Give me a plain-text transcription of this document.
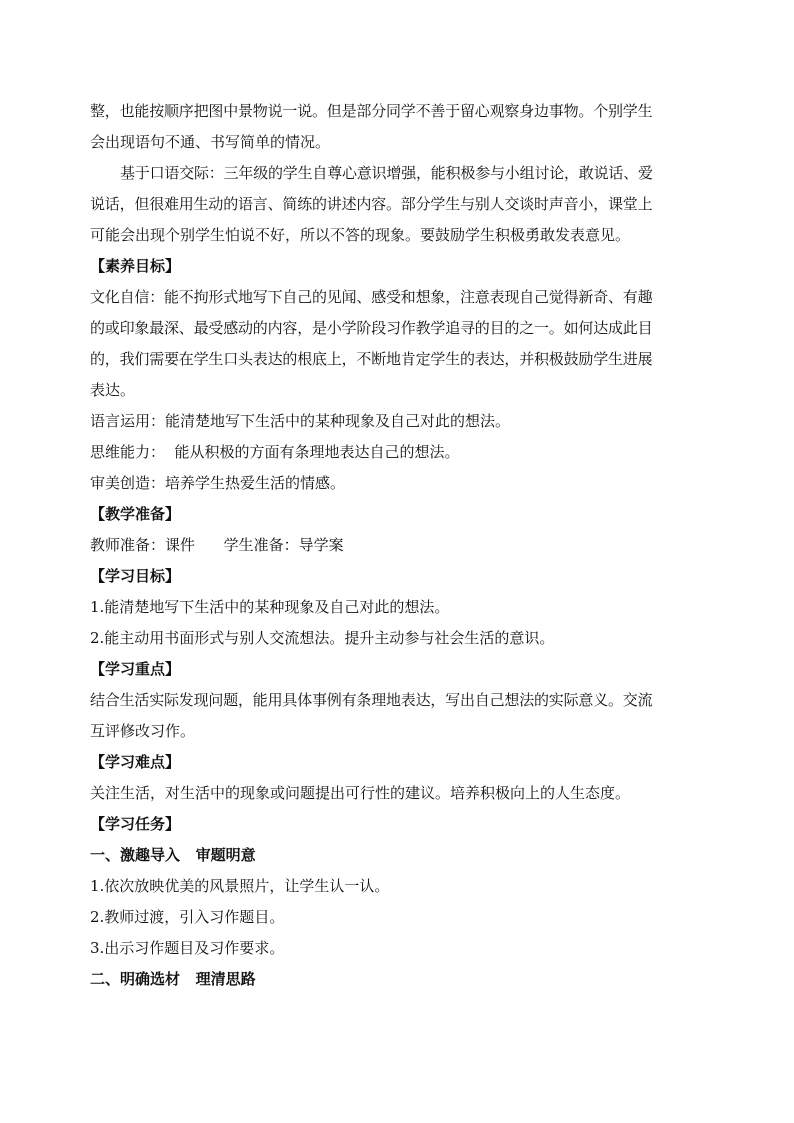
整，也能按顺序把图中景物说一说。但是部分同学不善于留心观察身边事物。个别学生
会出现语句不通、书写简单的情况。
基于口语交际：三年级的学生自尊心意识增强，能积极参与小组讨论，敢说话、爱
说话，但很难用生动的语言、简练的讲述内容。部分学生与别人交谈时声音小，课堂上
可能会出现个别学生怕说不好，所以不答的现象。要鼓励学生积极勇敢发表意见。
【素养目标】
文化自信：能不拘形式地写下自己的见闻、感受和想象，注意表现自己觉得新奇、有趣
的或印象最深、最受感动的内容，是小学阶段习作教学追寻的目的之一。如何达成此目
的，我们需要在学生口头表达的根底上，不断地肯定学生的表达，并积极鼓励学生进展
表达。
语言运用：能清楚地写下生活中的某种现象及自己对此的想法。
思维能力：  能从积极的方面有条理地表达自己的想法。
审美创造：培养学生热爱生活的情感。
【教学准备】
教师准备：课件      学生准备：导学案
【学习目标】
1.能清楚地写下生活中的某种现象及自己对此的想法。
2.能主动用书面形式与别人交流想法。提升主动参与社会生活的意识。
【学习重点】
结合生活实际发现问题，能用具体事例有条理地表达，写出自己想法的实际意义。交流
互评修改习作。
【学习难点】
关注生活，对生活中的现象或问题提出可行性的建议。培养积极向上的人生态度。
【学习任务】
一、激趣导入   审题明意
1.依次放映优美的风景照片，让学生认一认。
2.教师过渡，引入习作题目。
3.出示习作题目及习作要求。
二、明确选材   理清思路
